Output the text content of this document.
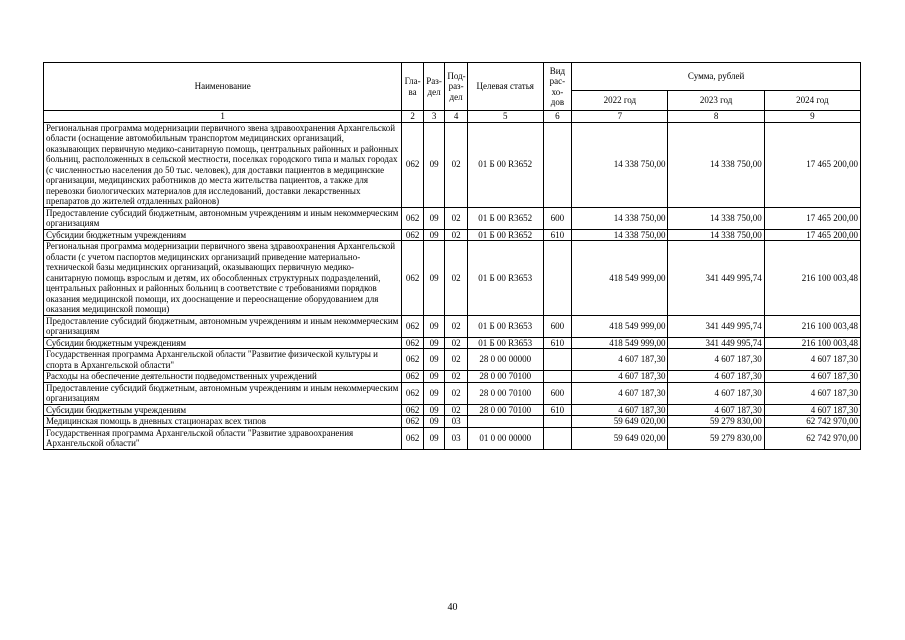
Наименование	Гла-ва	Раз-дел	Под-раз-дел	Целевая статья	Вид рас-хо-дов	Сумма, рублей		
						2022 год	2023 год	2024 год
1	2	3	4	5	6	7	8	9
Региональная программа модернизации первичного звена здравоохранения Архангельской области (оснащение автомобильным транспортом медицинских организаций, оказывающих первичную медико-санитарную помощь, центральных районных и районных больниц, расположенных в сельской местности, поселках городского типа и малых городах (с численностью населения до 50 тыс. человек), для доставки пациентов в медицинские организации, медицинских работников до места жительства пациентов, а также для перевозки биологических материалов для исследований, доставки лекарственных препаратов до жителей отдаленных районов)	062	09	02	01 Б 00 R3652		14 338 750,00	14 338 750,00	17 465 200,00
Предоставление субсидий бюджетным, автономным учреждениям и иным некоммерческим организациям	062	09	02	01 Б 00 R3652	600	14 338 750,00	14 338 750,00	17 465 200,00
Субсидии бюджетным учреждениям	062	09	02	01 Б 00 R3652	610	14 338 750,00	14 338 750,00	17 465 200,00
Региональная программа модернизации первичного звена здравоохранения Архангельской области (с учетом паспортов медицинских организаций приведение материально-технической базы медицинских организаций, оказывающих первичную медико-санитарную помощь взрослым и детям, их обособленных структурных подразделений, центральных районных и районных больниц в соответствие с требованиями порядков оказания медицинской помощи, их дооснащение и переоснащение оборудованием для оказания медицинской помощи)	062	09	02	01 Б 00 R3653		418 549 999,00	341 449 995,74	216 100 003,48
Предоставление субсидий бюджетным, автономным учреждениям и иным некоммерческим организациям	062	09	02	01 Б 00 R3653	600	418 549 999,00	341 449 995,74	216 100 003,48
Субсидии бюджетным учреждениям	062	09	02	01 Б 00 R3653	610	418 549 999,00	341 449 995,74	216 100 003,48
Государственная программа Архангельской области "Развитие физической культуры и спорта в Архангельской области"	062	09	02	28 0 00 00000		4 607 187,30	4 607 187,30	4 607 187,30
Расходы на обеспечение деятельности подведомственных учреждений	062	09	02	28 0 00 70100		4 607 187,30	4 607 187,30	4 607 187,30
Предоставление субсидий бюджетным, автономным учреждениям и иным некоммерческим организациям	062	09	02	28 0 00 70100	600	4 607 187,30	4 607 187,30	4 607 187,30
Субсидии бюджетным учреждениям	062	09	02	28 0 00 70100	610	4 607 187,30	4 607 187,30	4 607 187,30
Медицинская помощь в дневных стационарах всех типов	062	09	03			59 649 020,00	59 279 830,00	62 742 970,00
Государственная программа Архангельской области "Развитие здравоохранения Архангельской области"	062	09	03	01 0 00 00000		59 649 020,00	59 279 830,00	62 742 970,00
40
